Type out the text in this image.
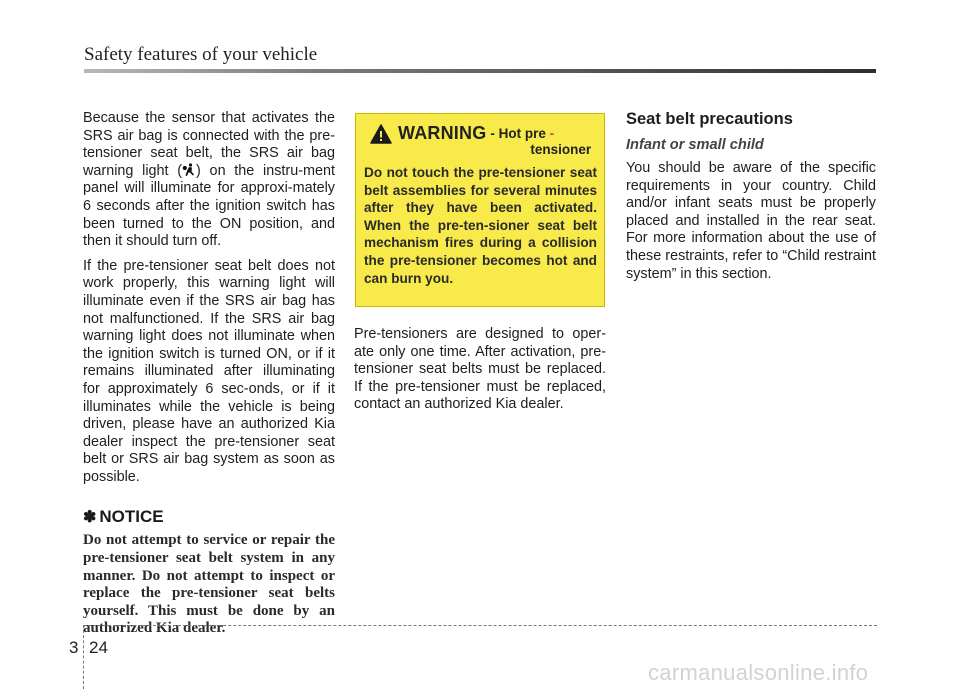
Safety features of your vehicle

Because the sensor that activates the SRS air bag is connected with the pre-tensioner seat belt, the SRS air bag warning light ( ) on the instru-ment panel will illuminate for approxi-mately 6 seconds after the ignition switch has been turned to the ON position, and then it should turn off.

If the pre-tensioner seat belt does not work properly, this warning light will illuminate even if the SRS air bag has not malfunctioned. If the SRS air bag warning light does not illuminate when the ignition switch is turned ON, or if it remains illuminated after illuminating for approximately 6 sec-onds, or if it illuminates while the vehicle is being driven, please have an authorized Kia dealer inspect the pre-tensioner seat belt or SRS air bag system as soon as possible.

✽ NOTICE
Do not attempt to service or repair the pre-tensioner seat belt system in any manner. Do not attempt to inspect or replace the pre-tensioner seat belts yourself. This must be done by an authorized Kia dealer.
WARNING - Hot pre -
tensioner
Do not touch the pre-tensioner seat belt assemblies for several minutes after they have been activated. When the pre-ten-sioner seat belt mechanism fires during a collision the pre-tensioner becomes hot and can burn you.

Pre-tensioners are designed to oper-ate only one time. After activation, pre-tensioner seat belts must be replaced. If the pre-tensioner must be replaced, contact an authorized Kia dealer.

Seat belt precautions
Infant or small child

You should be aware of the specific requirements in your country. Child and/or infant seats must be properly placed and installed in the rear seat. For more information about the use of these restraints, refer to “Child restraint system” in this section.

3 24
carmanualsonline.info
